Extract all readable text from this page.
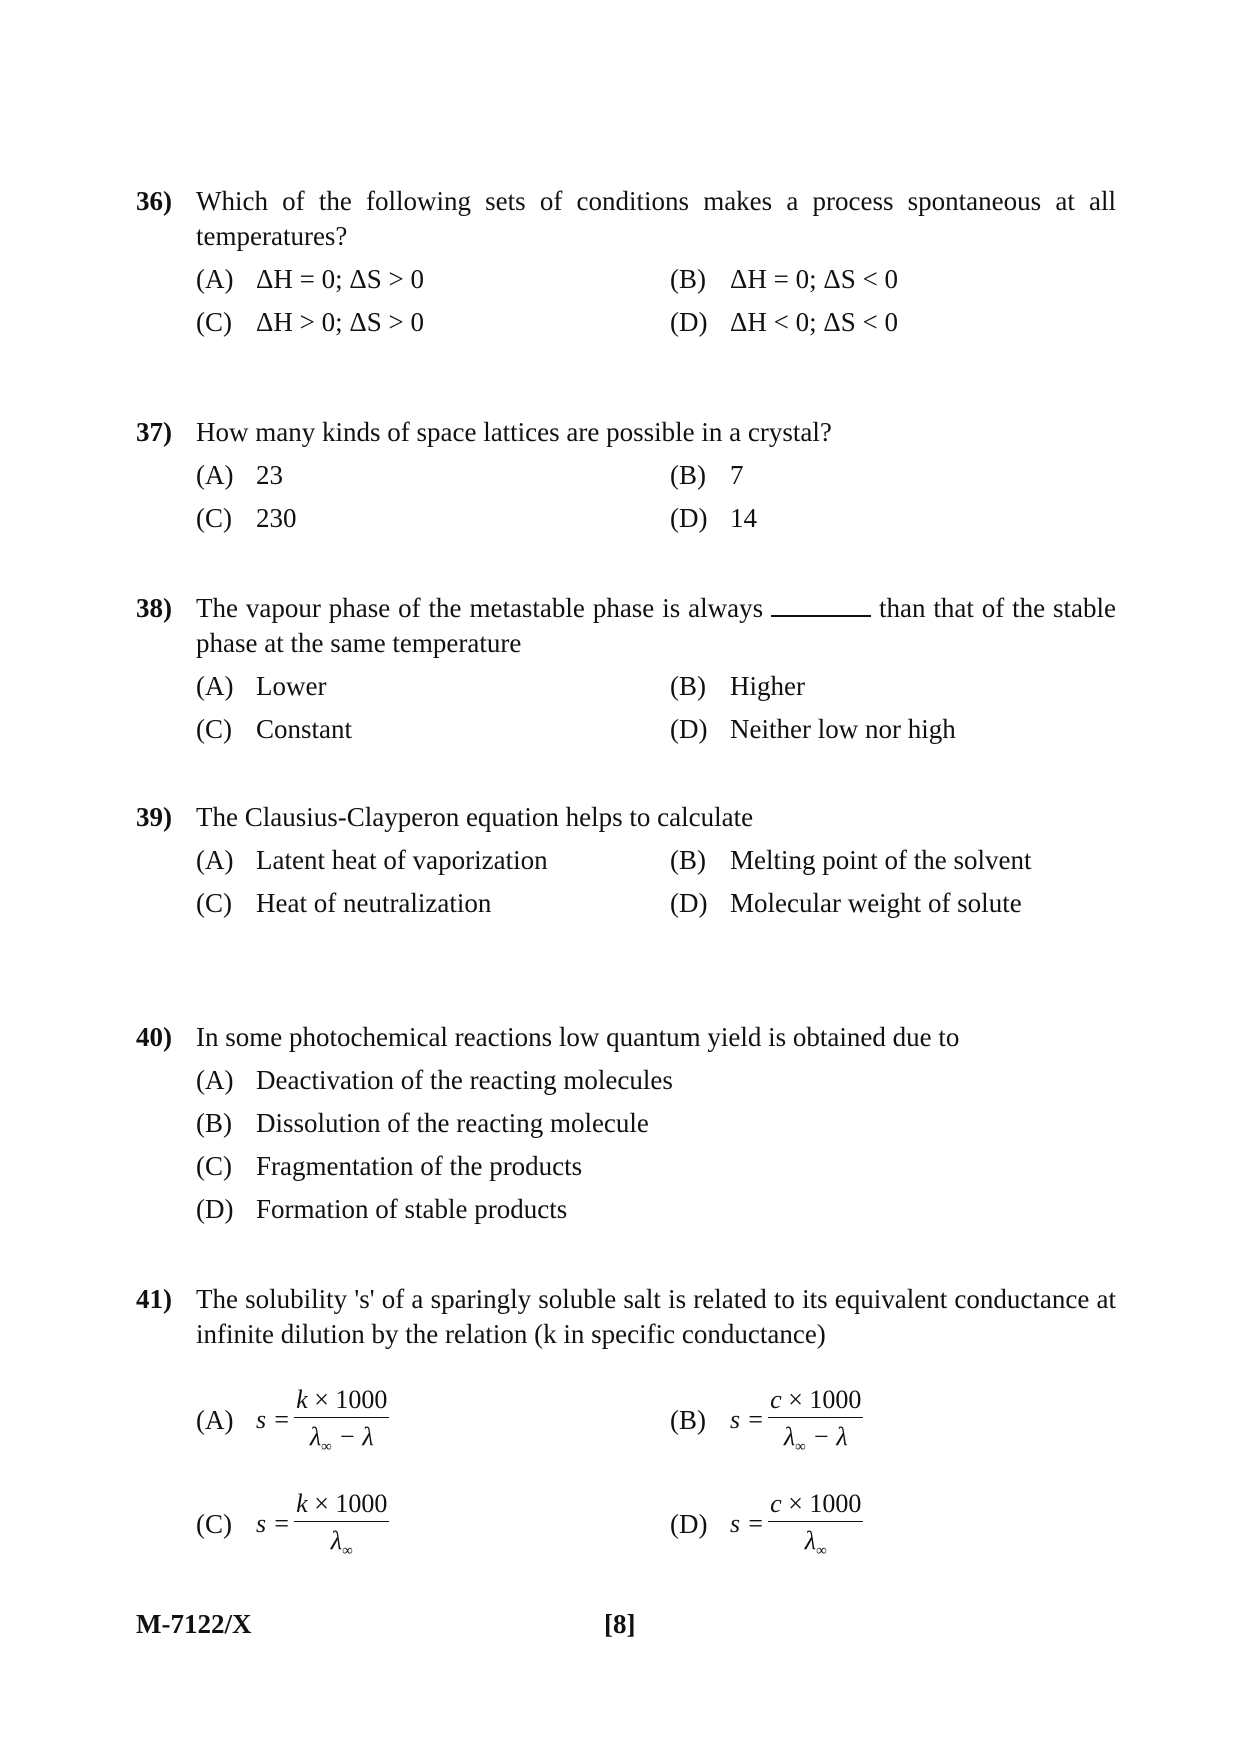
36) Which of the following sets of conditions makes a process spontaneous at all temperatures?
(A) ΔH = 0; ΔS > 0	(B) ΔH = 0; ΔS < 0
(C) ΔH > 0; ΔS > 0	(D) ΔH < 0; ΔS < 0
37) How many kinds of space lattices are possible in a crystal?
(A) 23	(B) 7
(C) 230	(D) 14
38) The vapour phase of the metastable phase is always	than that of the stable phase at the same temperature
(A) Lower	(B) Higher
(C) Constant	(D) Neither low nor high
39) The Clausius-Clayperon equation helps to calculate
(A) Latent heat of vaporization	(B) Melting point of the solvent
(C) Heat of neutralization	(D) Molecular weight of solute
40) In some photochemical reactions low quantum yield is obtained due to
(A) Deactivation of the reacting molecules
(B) Dissolution of the reacting molecule
(C) Fragmentation of the products
(D) Formation of stable products
41) The solubility 's' of a sparingly soluble salt is related to its equivalent conductance at infinite dilution by the relation (k in specific conductance)
(A) $s = \frac{k \times 1000}{\lambda_\infty - \lambda}$	(B) $s = \frac{c \times 1000}{\lambda_\infty - \lambda}$
(C) $s = \frac{k \times 1000}{\lambda_\infty}$	(D) $s = \frac{c \times 1000}{\lambda_\infty}$
M-7122/X	[8]
